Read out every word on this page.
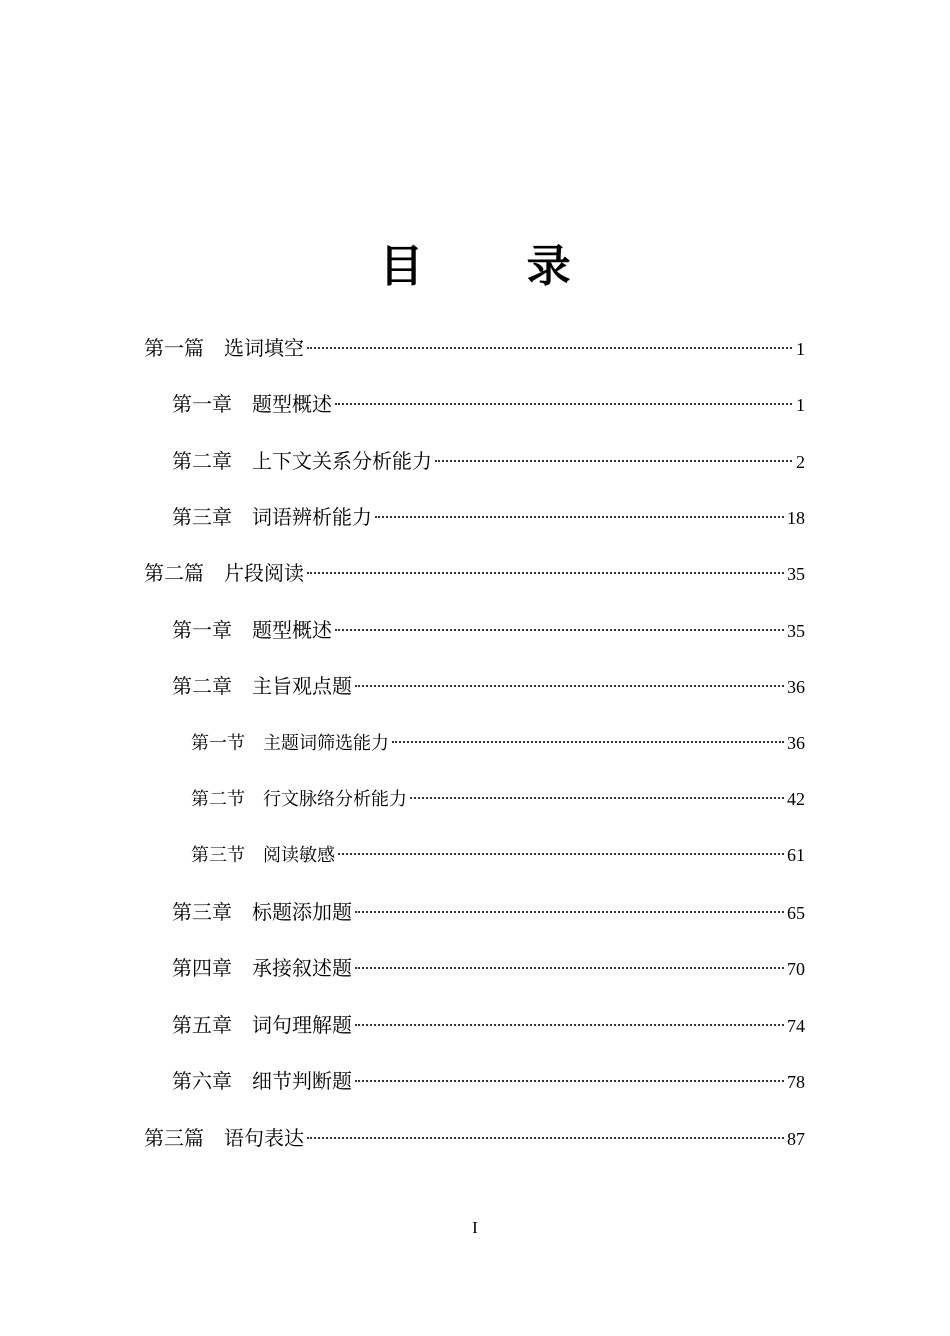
目 录
第一篇 选词填空	1
第一章 题型概述	1
第二章 上下文关系分析能力	2
第三章 词语辨析能力	18
第二篇 片段阅读	35
第一章 题型概述	35
第二章 主旨观点题	36
第一节 主题词筛选能力	36
第二节 行文脉络分析能力	42
第三节 阅读敏感	61
第三章 标题添加题	65
第四章 承接叙述题	70
第五章 词句理解题	74
第六章 细节判断题	78
第三篇 语句表达	87
I
